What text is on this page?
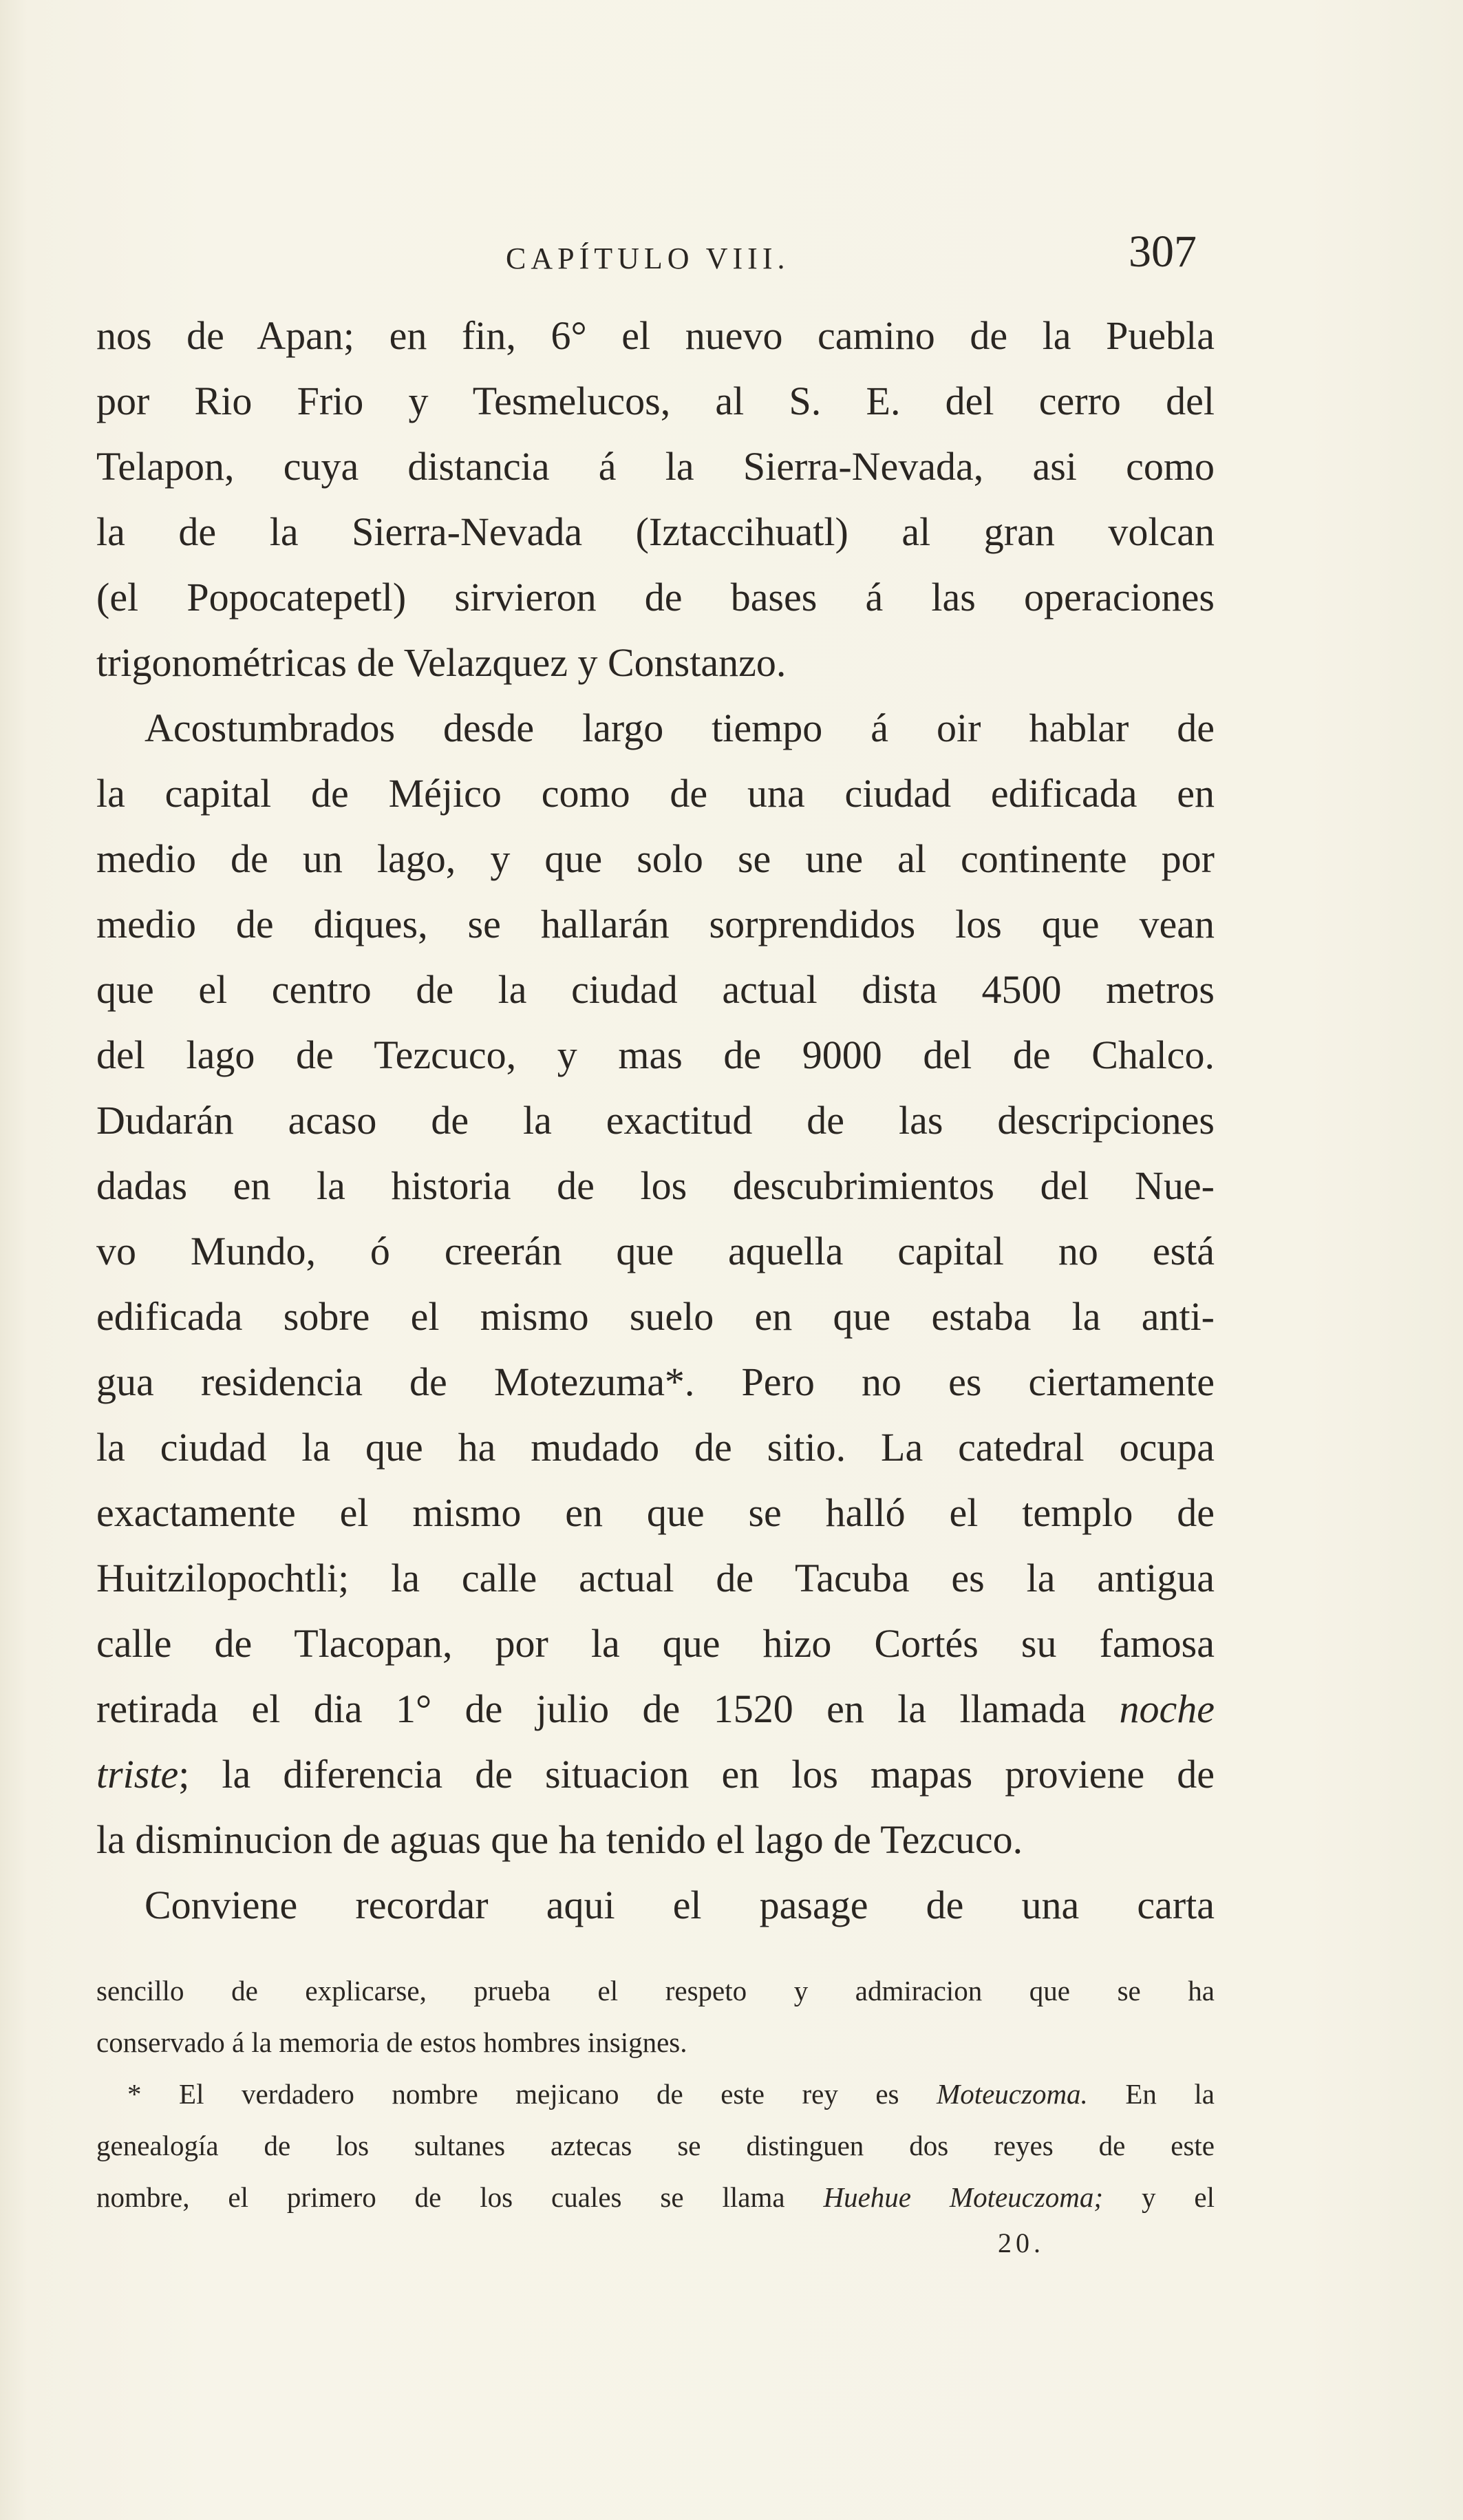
CAPÍTULO VIII.	307
nos de Apan; en fin, 6° el nuevo camino de la Puebla
por Rio Frio y Tesmelucos, al S. E. del cerro del
Telapon, cuya distancia á la Sierra-Nevada, asi como
la de la Sierra-Nevada (Iztaccihuatl) al gran volcan
(el Popocatepetl) sirvieron de bases á las operaciones
trigonométricas de Velazquez y Constanzo.
Acostumbrados desde largo tiempo á oir hablar de
la capital de Méjico como de una ciudad edificada en
medio de un lago, y que solo se une al continente por
medio de diques, se hallarán sorprendidos los que vean
que el centro de la ciudad actual dista 4500 metros
del lago de Tezcuco, y mas de 9000 del de Chalco.
Dudarán acaso de la exactitud de las descripciones
dadas en la historia de los descubrimientos del Nue-
vo Mundo, ó creerán que aquella capital no está
edificada sobre el mismo suelo en que estaba la anti-
gua residencia de Motezuma*. Pero no es ciertamente
la ciudad la que ha mudado de sitio. La catedral ocupa
exactamente el mismo en que se halló el templo de
Huitzilopochtli; la calle actual de Tacuba es la antigua
calle de Tlacopan, por la que hizo Cortés su famosa
retirada el dia 1° de julio de 1520 en la llamada noche
triste; la diferencia de situacion en los mapas proviene de
la disminucion de aguas que ha tenido el lago de Tezcuco.
Conviene recordar aqui el pasage de una carta
sencillo de explicarse, prueba el respeto y admiracion que se ha
conservado á la memoria de estos hombres insignes.
* El verdadero nombre mejicano de este rey es Moteuczoma. En la
genealogía de los sultanes aztecas se distinguen dos reyes de este
nombre, el primero de los cuales se llama Huehue Moteuczoma; y el
20.
